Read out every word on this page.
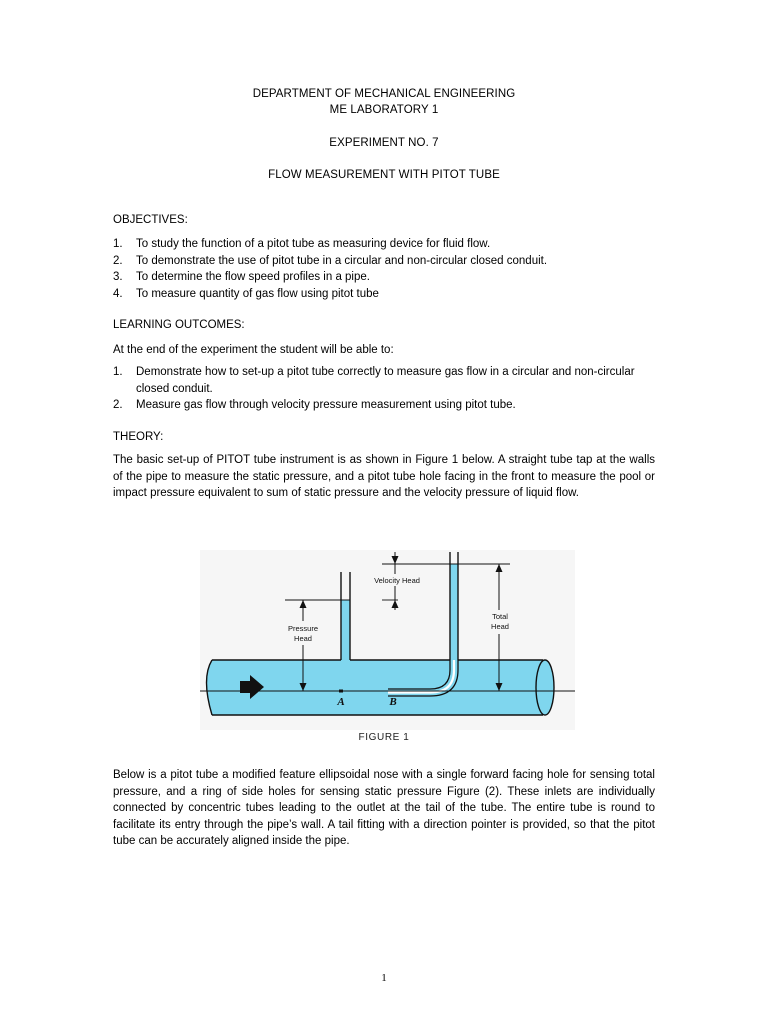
DEPARTMENT OF MECHANICAL ENGINEERING
ME LABORATORY 1
EXPERIMENT NO. 7
FLOW MEASUREMENT WITH PITOT TUBE
OBJECTIVES:
1. To study the function of a pitot tube as measuring device for fluid flow.
2. To demonstrate the use of pitot tube in a circular and non-circular closed conduit.
3. To determine the flow speed profiles in a pipe.
4. To measure quantity of gas flow using pitot tube
LEARNING OUTCOMES:
At the end of the experiment the student will be able to:
1. Demonstrate how to set-up a pitot tube correctly to measure gas flow in a circular and non-circular closed conduit.
2. Measure gas flow through velocity pressure measurement using pitot tube.
THEORY:
The basic set-up of PITOT tube instrument is as shown in Figure 1 below. A straight tube tap at the walls of the pipe to measure the static pressure, and a pitot tube hole facing in the front to measure the pool or impact pressure equivalent to sum of static pressure and the velocity pressure of liquid flow.
Velocity Head
Pressure
Head
Total
Head
A	B
FIGURE 1
Below is a pitot tube a modified feature ellipsoidal nose with a single forward facing hole for sensing total pressure, and a ring of side holes for sensing static pressure Figure (2). These inlets are individually connected by concentric tubes leading to the outlet at the tail of the tube. The entire tube is round to facilitate its entry through the pipe’s wall. A tail fitting with a direction pointer is provided, so that the pitot tube can be accurately aligned inside the pipe.
1
